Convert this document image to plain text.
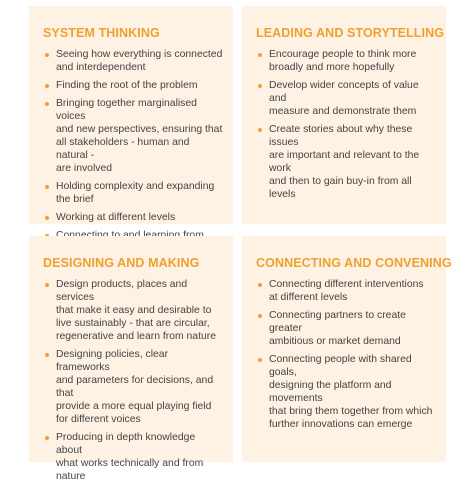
SYSTEM THINKING
Seeing how everything is connected
and interdependent
Finding the root of the problem
Bringing together marginalised voices
and new perspectives, ensuring that
all stakeholders - human and natural -
are involved
Holding complexity and expanding
the brief
Working at different levels
LEADING AND STORYTELLING
Encourage people to think more
broadly and more hopefully
Develop wider concepts of value and
measure and demonstrate them
Create stories about why these issues
are important and relevant to the work
and then to gain buy-in from all levels
DESIGNING AND MAKING
Design products, places and services
that make it easy and desirable to
live sustainably - that are circular,
regenerative and learn from nature
Designing policies, clear frameworks
and parameters for decisions, and that
provide a more equal playing field
for different voices
Producing in depth knowledge about
what works technically and from nature
CONNECTING AND CONVENING
Connecting different interventions
at different levels
Connecting partners to create greater
ambitious or market demand
Connecting people with shared goals,
designing the platform and movements
that bring them together from which
further innovations can emerge
